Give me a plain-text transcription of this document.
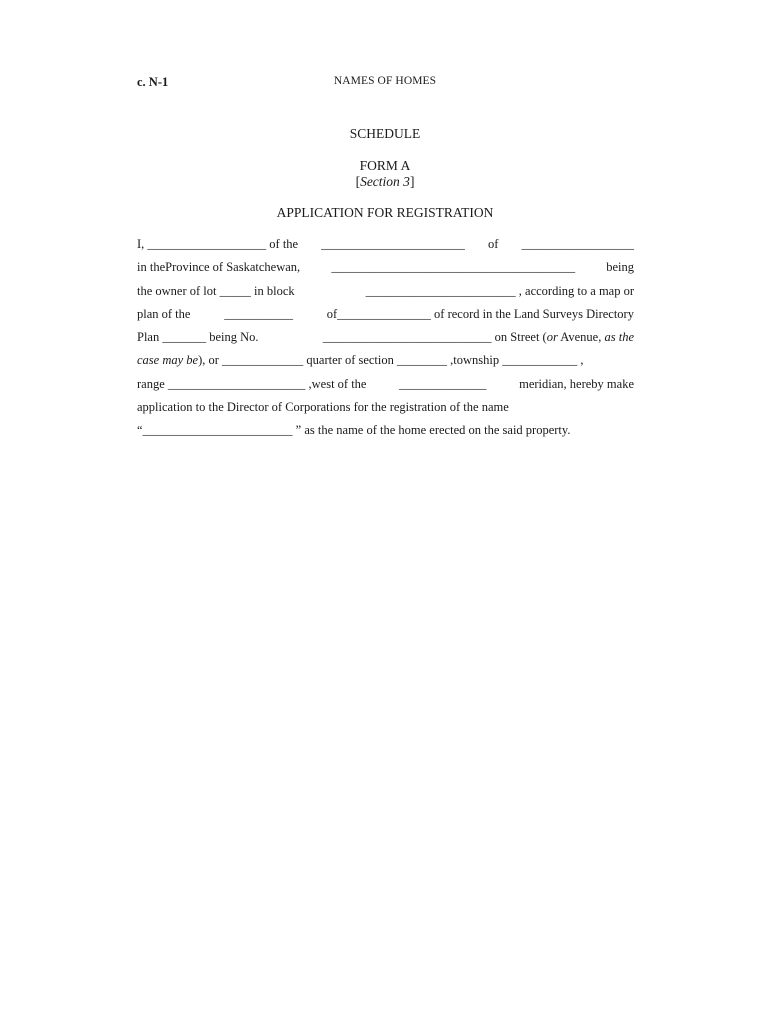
c. N-1	NAMES OF HOMES
SCHEDULE
FORM A
[Section 3]
APPLICATION FOR REGISTRATION
I, ___________________ of the _______________________ of __________________
in theProvince of Saskatchewan, _______________________________________ being
the owner of lot _____ in block	________________________ , according to a map or
plan of the	___________	of_______________ of record in the Land Surveys Directory
Plan _______ being No.	___________________________ on Street (or Avenue, as the
case may be ), or _____________ quarter of section ________ ,township ____________ ,
range ______________________ ,west of the	______________	meridian, hereby make
application to the Director of Corporations for the registration of the name
“________________________ ” as the name of the home erected on the said property.
